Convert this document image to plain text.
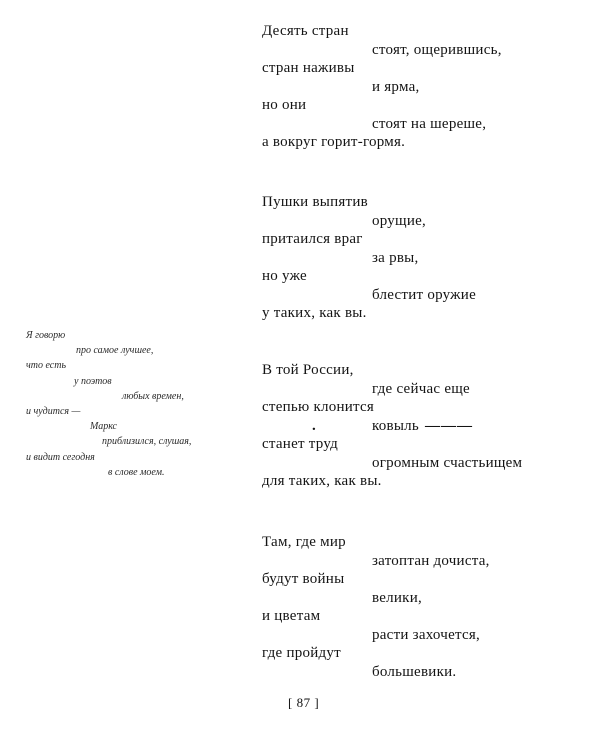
Десять стран
стоят, ощерившись,
стран наживы
и ярма,
но они
стоят на шереше,
а вокруг горит-гормя.
Пушки выпятив
орущие,
притаился враг
за рвы,
но уже
блестит оружие
у таких, как вы.
В той России,
где сейчас еще
степью клонится
.	ковыль ———
станет труд
огромным счастьищем
для таких, как вы.
Там, где мир
затоптан дочиста,
будут войны
велики,
и цветам
расти захочется,
где пройдут
большевики.
Я говорю
про самое лучшее,
что есть
у поэтов
любых времен,
и чудится —
Маркс
приблизился, слушая,
и видит сегодня
в слове моем.
[ 87 ]
